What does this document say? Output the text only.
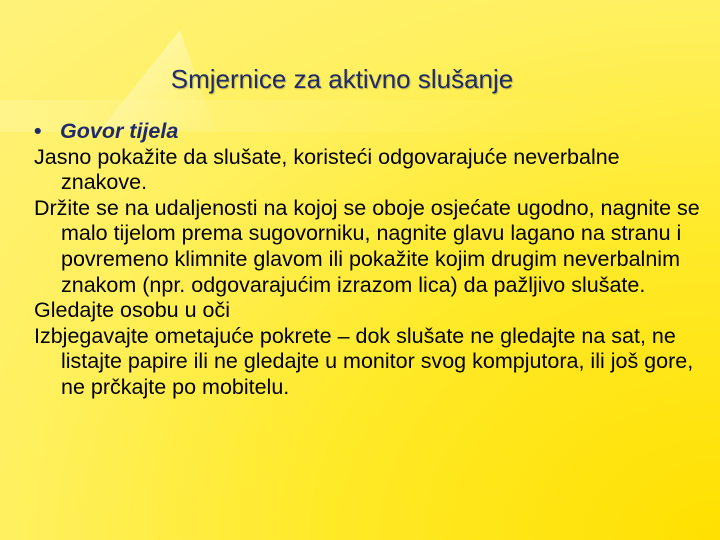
Smjernice za aktivno slušanje

• Govor tijela

Jasno pokažite da slušate, koristeći odgovarajuće neverbalne znakove.

Držite se na udaljenosti na kojoj se oboje osjećate ugodno, nagnite se malo tijelom prema sugovorniku, nagnite glavu lagano na stranu i povremeno klimnite glavom ili pokažite kojim drugim neverbalnim znakom (npr. odgovarajućim izrazom lica) da pažljivo slušate.

Gledajte osobu u oči

Izbjegavajte ometajuće pokrete – dok slušate ne gledajte na sat, ne listajte papire ili ne gledajte u monitor svog kompjutora, ili još gore, ne prčkajte po mobitelu.
